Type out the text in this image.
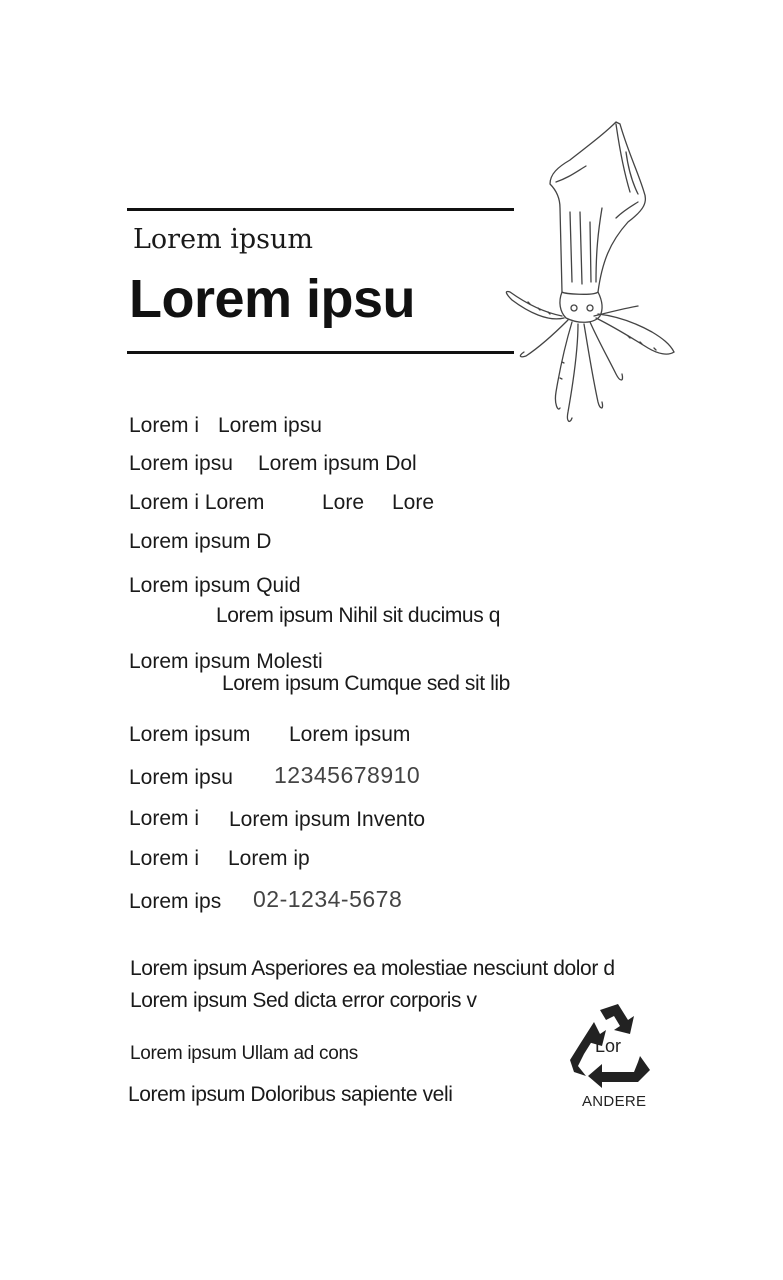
Lorem ipsum
Lorem ipsu
Lorem i Lorem ipsu
Lorem ipsu Lorem ipsum Dol
Lorem i Lorem	Lore Lore
Lorem ipsum D
Lorem ipsum Quid
Lorem ipsum Nihil sit ducimus q
Lorem ipsum Molesti
Lorem ipsum Cumque sed sit lib
Lorem ipsum Lorem ipsum
Lorem ipsu 12345678910
Lorem i Lorem ipsum Invento
Lorem i Lorem ip
Lorem ips 02-1234-5678
Lorem ipsum Asperiores ea molestiae nesciunt dolor d
Lorem ipsum Sed dicta error corporis v
Lorem ipsum Ullam ad cons
Lorem ipsum Doloribus sapiente veli
Lor
ANDERE
